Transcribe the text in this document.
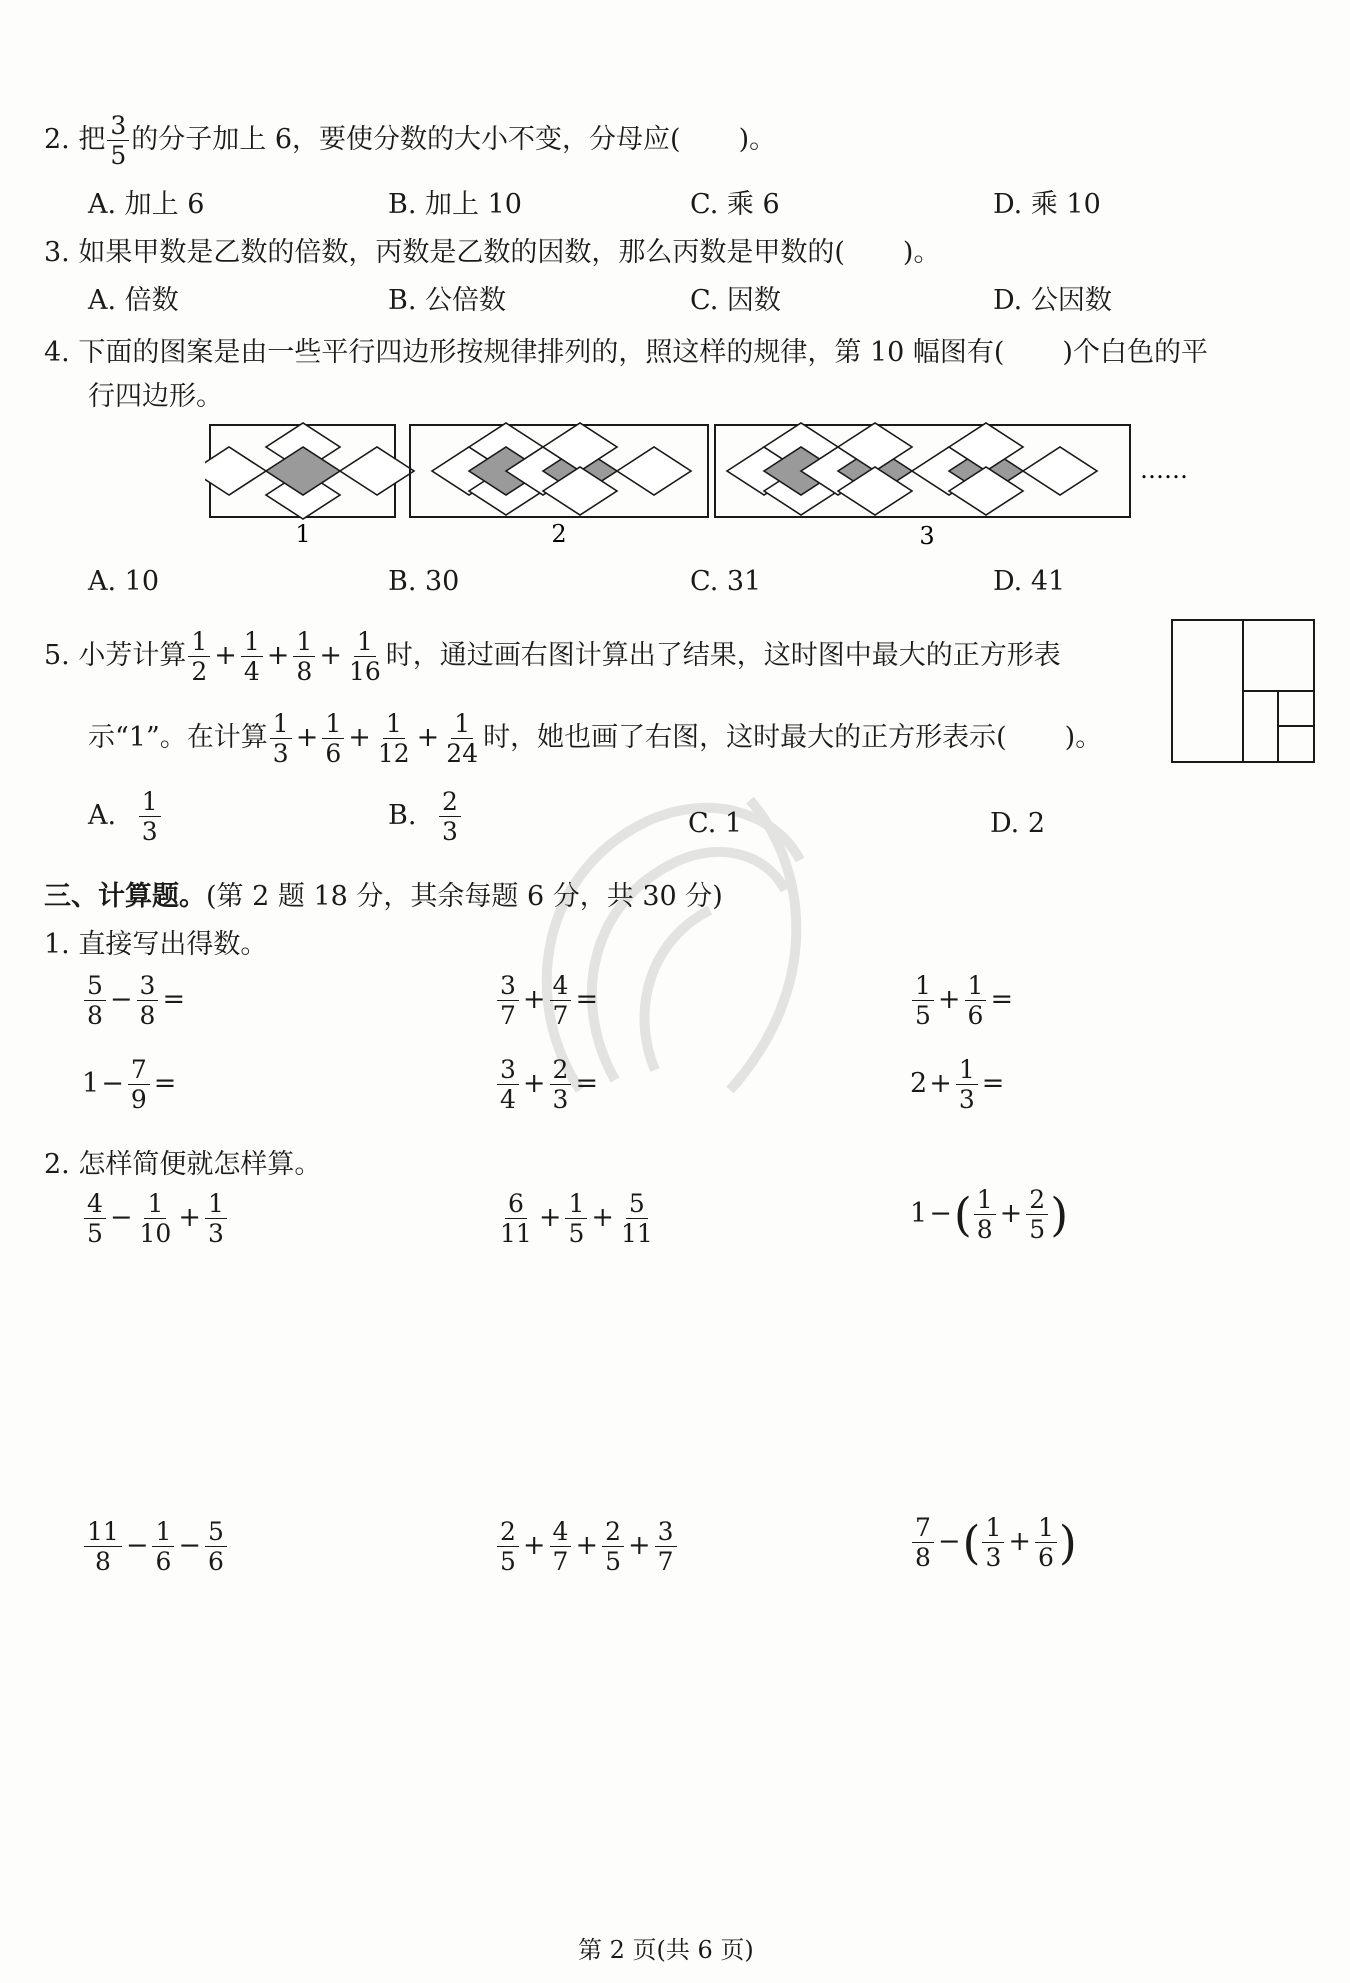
2. 把 $\frac{3}{5}$ 的分子加上 6，要使分数的大小不变，分母应( )。
A. 加上 6	B. 加上 10	C. 乘 6	D. 乘 10
3. 如果甲数是乙数的倍数，丙数是乙数的因数，那么丙数是甲数的( )。
A. 倍数	B. 公倍数	C. 因数	D. 公因数
4. 下面的图案是由一些平行四边形按规律排列的，照这样的规律，第 10 幅图有( )个白色的平
行四边形。
1	2	3
……
A. 10	B. 30	C. 31	D. 41
5. 小芳计算 $\frac{1}{2} + \frac{1}{4} + \frac{1}{8} + \frac{1}{16}$ 时，通过画右图计算出了结果，这时图中最大的正方形表
示“1”。在计算 $\frac{1}{3} + \frac{1}{6} + \frac{1}{12} + \frac{1}{24}$ 时，她也画了右图，这时最大的正方形表示( )。
A. $\frac{1}{3}$	B. $\frac{2}{3}$	C. 1	D. 2
三、计算题。(第 2 题 18 分，其余每题 6 分，共 30 分)
1. 直接写出得数。
$\frac{5}{8} - \frac{3}{8}$ =	$\frac{3}{7} + \frac{4}{7}$ =	$\frac{1}{5} + \frac{1}{6}$ =
$1- \frac{7}{9}$ =	$\frac{3}{4} + \frac{2}{3}$ =	$2+ \frac{1}{3}$ =
2. 怎样简便就怎样算。
$\frac{4}{5} - \frac{1}{10} + \frac{1}{3}$	$\frac{6}{11} + \frac{1}{5} + \frac{5}{11}$	$1-( \frac{1}{8} + \frac{2}{5}$ )
$\frac{11}{8} - \frac{1}{6} - \frac{5}{6}$	$\frac{2}{5} + \frac{4}{7} + \frac{2}{5} + \frac{3}{7}$	$\frac{7}{8}$ −( $\frac{1}{3} + \frac{1}{6}$ )
第 2 页(共 6 页)
